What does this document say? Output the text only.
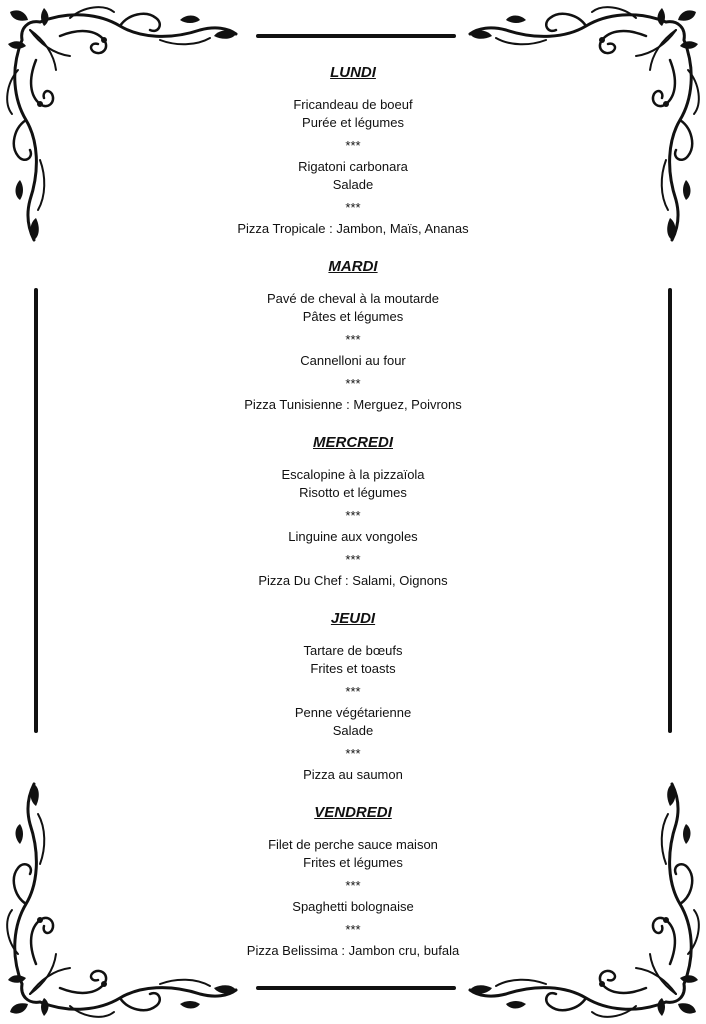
LUNDI
Fricandeau de boeuf
Purée et légumes
***
Rigatoni carbonara
Salade
***
Pizza Tropicale : Jambon, Maïs, Ananas
MARDI
Pavé de cheval à la moutarde
Pâtes et légumes
***
Cannelloni au four
***
Pizza Tunisienne : Merguez, Poivrons
MERCREDI
Escalopine à la pizzaïola
Risotto et légumes
***
Linguine aux vongoles
***
Pizza Du Chef : Salami, Oignons
JEUDI
Tartare de bœufs
Frites et toasts
***
Penne végétarienne
Salade
***
Pizza au saumon
VENDREDI
Filet de perche sauce maison
Frites et légumes
***
Spaghetti bolognaise
***
Pizza Belissima : Jambon cru, bufala
